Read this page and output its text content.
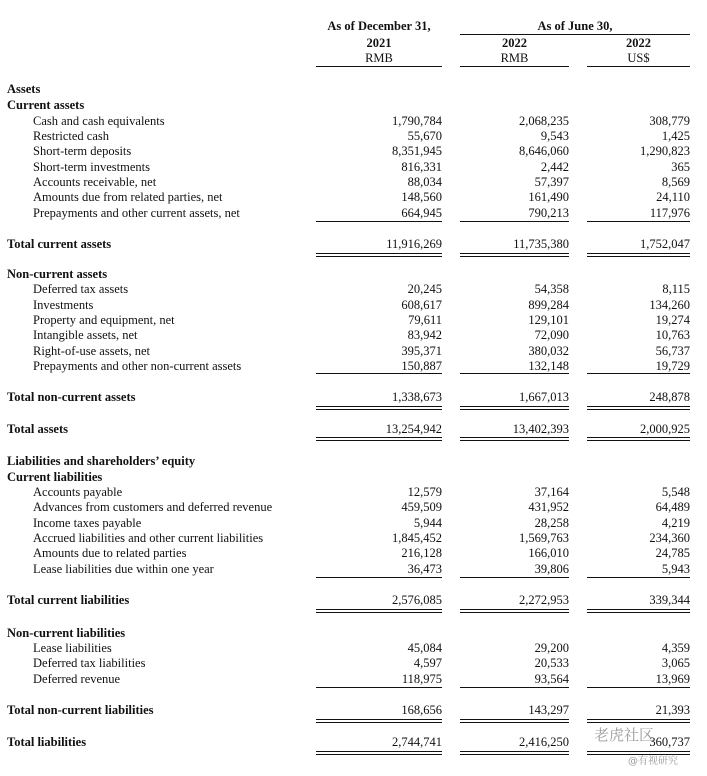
As of December 31,	As of June 30,
2021	2022	2022
RMB	RMB	US$
Assets
Current assets
Cash and cash equivalents	1,790,784	2,068,235	308,779
Restricted cash	55,670	9,543	1,425
Short-term deposits	8,351,945	8,646,060	1,290,823
Short-term investments	816,331	2,442	365
Accounts receivable, net	88,034	57,397	8,569
Amounts due from related parties, net	148,560	161,490	24,110
Prepayments and other current assets, net	664,945	790,213	117,976
Total current assets	11,916,269	11,735,380	1,752,047
Non-current assets
Deferred tax assets	20,245	54,358	8,115
Investments	608,617	899,284	134,260
Property and equipment, net	79,611	129,101	19,274
Intangible assets, net	83,942	72,090	10,763
Right-of-use assets, net	395,371	380,032	56,737
Prepayments and other non-current assets	150,887	132,148	19,729
Total non-current assets	1,338,673	1,667,013	248,878
Total assets	13,254,942	13,402,393	2,000,925
Liabilities and shareholders’ equity
Current liabilities
Accounts payable	12,579	37,164	5,548
Advances from customers and deferred revenue	459,509	431,952	64,489
Income taxes payable	5,944	28,258	4,219
Accrued liabilities and other current liabilities	1,845,452	1,569,763	234,360
Amounts due to related parties	216,128	166,010	24,785
Lease liabilities due within one year	36,473	39,806	5,943
Total current liabilities	2,576,085	2,272,953	339,344
Non-current liabilities
Lease liabilities	45,084	29,200	4,359
Deferred tax liabilities	4,597	20,533	3,065
Deferred revenue	118,975	93,564	13,969
Total non-current liabilities	168,656	143,297	21,393
Total liabilities	2,744,741	2,416,250	360,737
老虎社区
@有视研究
